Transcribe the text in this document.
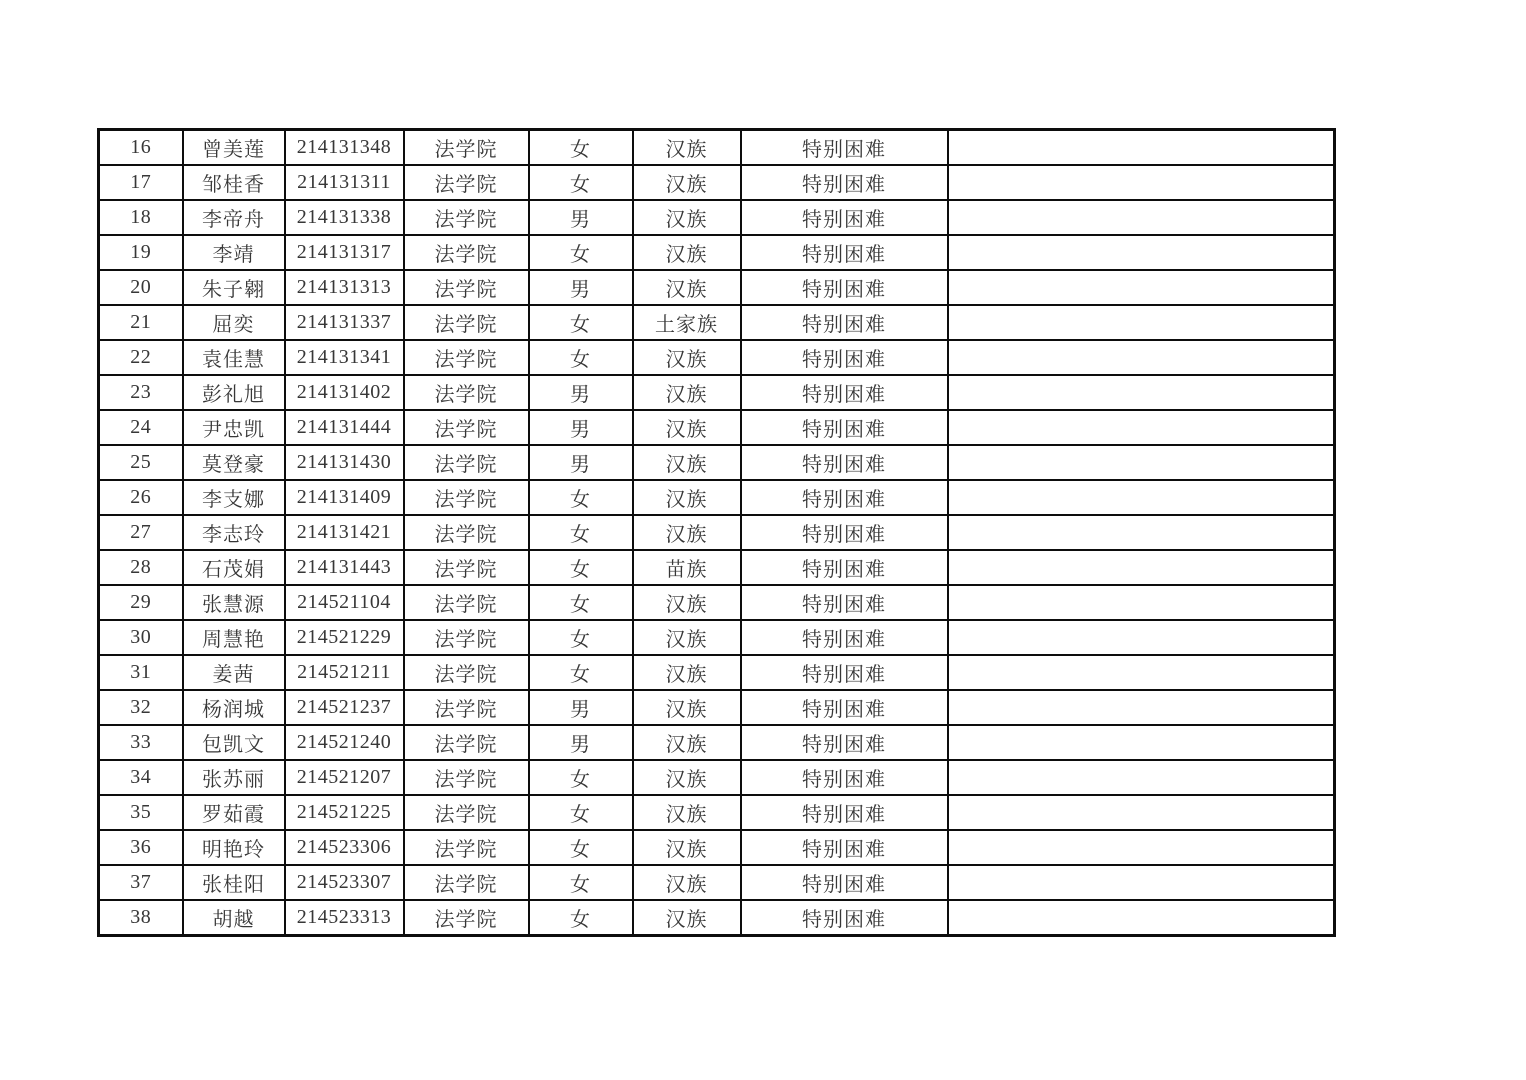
16	曾美莲	214131348	法学院	女	汉族	特别困难	
17	邹桂香	214131311	法学院	女	汉族	特别困难	
18	李帝舟	214131338	法学院	男	汉族	特别困难	
19	李靖	214131317	法学院	女	汉族	特别困难	
20	朱子翱	214131313	法学院	男	汉族	特别困难	
21	屈奕	214131337	法学院	女	土家族	特别困难	
22	袁佳慧	214131341	法学院	女	汉族	特别困难	
23	彭礼旭	214131402	法学院	男	汉族	特别困难	
24	尹忠凯	214131444	法学院	男	汉族	特别困难	
25	莫登豪	214131430	法学院	男	汉族	特别困难	
26	李支娜	214131409	法学院	女	汉族	特别困难	
27	李志玲	214131421	法学院	女	汉族	特别困难	
28	石茂娟	214131443	法学院	女	苗族	特别困难	
29	张慧源	214521104	法学院	女	汉族	特别困难	
30	周慧艳	214521229	法学院	女	汉族	特别困难	
31	姜茜	214521211	法学院	女	汉族	特别困难	
32	杨润城	214521237	法学院	男	汉族	特别困难	
33	包凯文	214521240	法学院	男	汉族	特别困难	
34	张苏丽	214521207	法学院	女	汉族	特别困难	
35	罗茹霞	214521225	法学院	女	汉族	特别困难	
36	明艳玲	214523306	法学院	女	汉族	特别困难	
37	张桂阳	214523307	法学院	女	汉族	特别困难	
38	胡越	214523313	法学院	女	汉族	特别困难	
